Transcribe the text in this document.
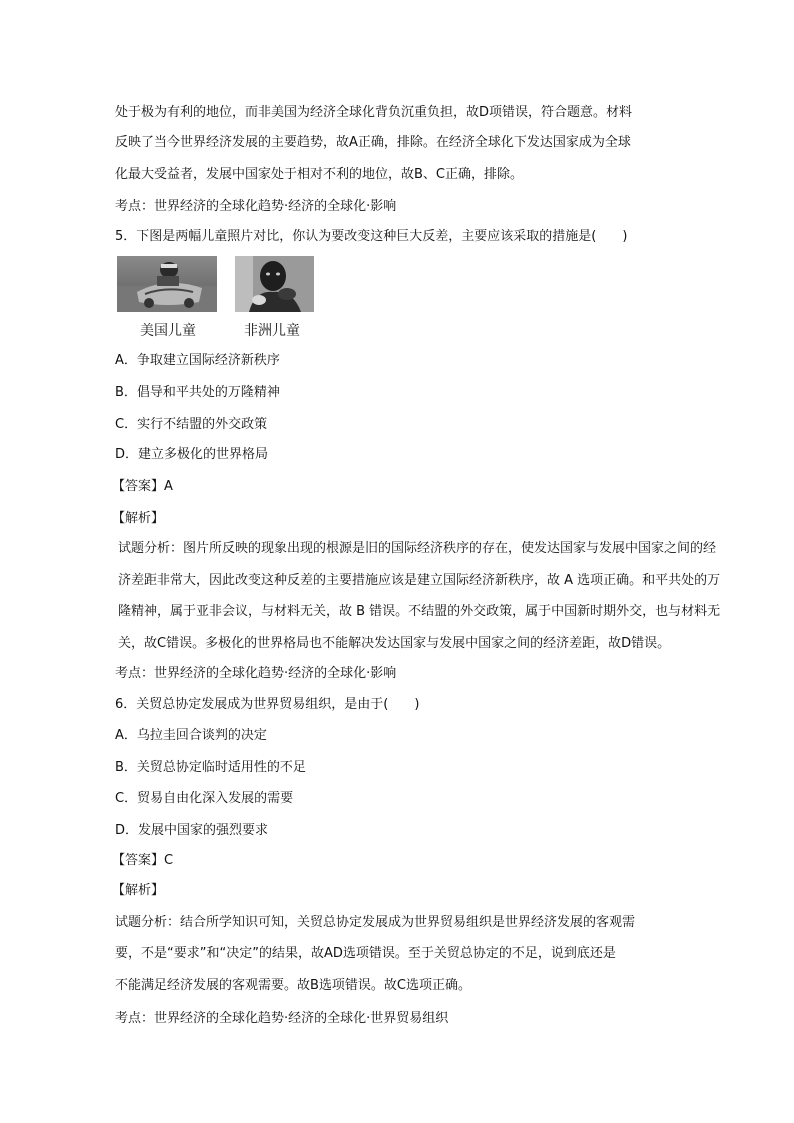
处于极为有利的地位，而非美国为经济全球化背负沉重负担，故D项错误，符合题意。材料
反映了当今世界经济发展的主要趋势，故A正确，排除。在经济全球化下发达国家成为全球
化最大受益者，发展中国家处于相对不利的地位，故B、C正确，排除。
考点：世界经济的全球化趋势·经济的全球化·影响
5．下图是两幅儿童照片对比，你认为要改变这种巨大反差，主要应该采取的措施是(　　)
美国儿童	非洲儿童
A．争取建立国际经济新秩序
B．倡导和平共处的万隆精神
C．实行不结盟的外交政策
D．建立多极化的世界格局
【答案】A
【解析】
试题分析：图片所反映的现象出现的根源是旧的国际经济秩序的存在，使发达国家与发展中国家之间的经
济差距非常大，因此改变这种反差的主要措施应该是建立国际经济新秩序，故 A 选项正确。和平共处的万
隆精神，属于亚非会议，与材料无关，故 B 错误。不结盟的外交政策，属于中国新时期外交，也与材料无
关，故C错误。多极化的世界格局也不能解决发达国家与发展中国家之间的经济差距，故D错误。
考点：世界经济的全球化趋势·经济的全球化·影响
6．关贸总协定发展成为世界贸易组织，是由于(　　)
A．乌拉圭回合谈判的决定
B．关贸总协定临时适用性的不足
C．贸易自由化深入发展的需要
D．发展中国家的强烈要求
【答案】C
【解析】
试题分析：结合所学知识可知，关贸总协定发展成为世界贸易组织是世界经济发展的客观需
要，不是“要求”和“决定”的结果，故AD选项错误。至于关贸总协定的不足，说到底还是
不能满足经济发展的客观需要。故B选项错误。故C选项正确。
考点：世界经济的全球化趋势·经济的全球化·世界贸易组织
